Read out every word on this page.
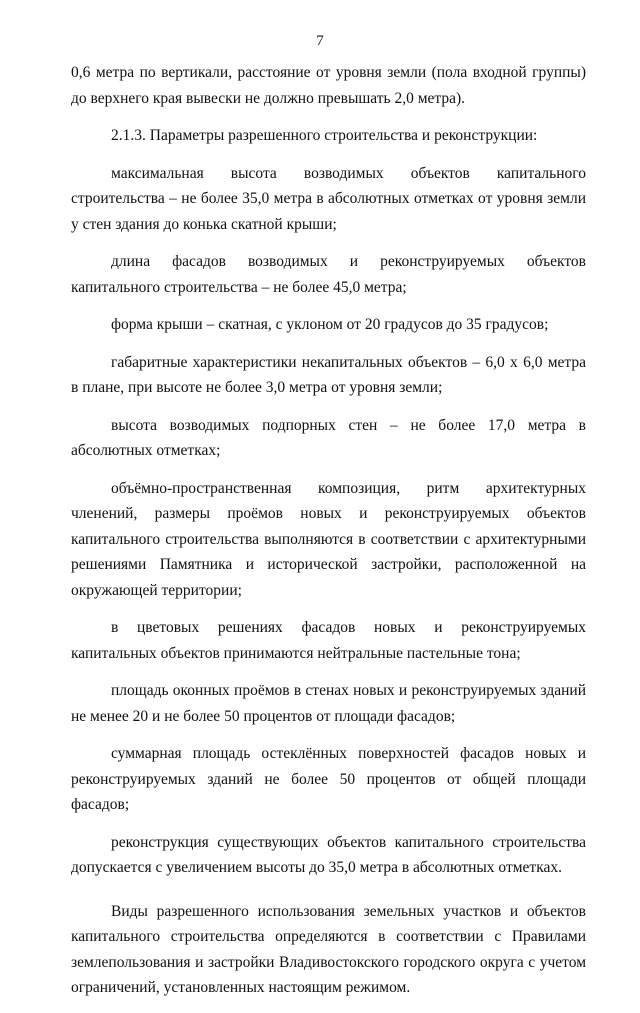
7

0,6 метра по вертикали, расстояние от уровня земли (пола входной группы) до верхнего края вывески не должно превышать 2,0 метра).

2.1.3. Параметры разрешенного строительства и реконструкции:

максимальная высота возводимых объектов капитального строительства – не более 35,0 метра в абсолютных отметках от уровня земли у стен здания до конька скатной крыши;

длина фасадов возводимых и реконструируемых объектов капитального строительства – не более 45,0 метра;

форма крыши – скатная, с уклоном от 20 градусов до 35 градусов;

габаритные характеристики некапитальных объектов – 6,0 х 6,0 метра в плане, при высоте не более 3,0 метра от уровня земли;

высота возводимых подпорных стен – не более 17,0 метра в абсолютных отметках;

объёмно-пространственная композиция, ритм архитектурных членений, размеры проёмов новых и реконструируемых объектов капитального строительства выполняются в соответствии с архитектурными решениями Памятника и исторической застройки, расположенной на окружающей территории;

в цветовых решениях фасадов новых и реконструируемых капитальных объектов принимаются нейтральные пастельные тона;

площадь оконных проёмов в стенах новых и реконструируемых зданий не менее 20 и не более 50 процентов от площади фасадов;

суммарная площадь остеклённых поверхностей фасадов новых и реконструируемых зданий не более 50 процентов от общей площади фасадов;

реконструкция существующих объектов капитального строительства допускается с увеличением высоты до 35,0 метра в абсолютных отметках.

Виды разрешенного использования земельных участков и объектов капитального строительства определяются в соответствии с Правилами землепользования и застройки Владивостокского городского округа с учетом ограничений, установленных настоящим режимом.
